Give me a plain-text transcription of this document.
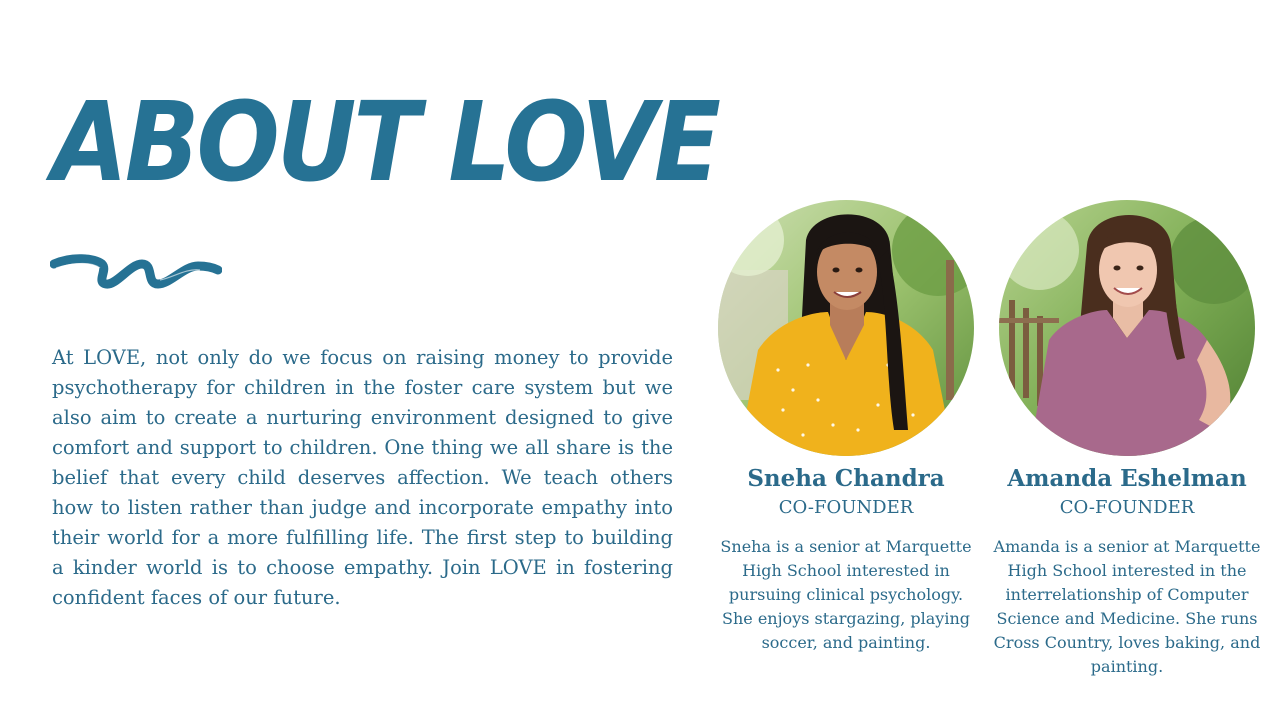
ABOUT LOVE

At LOVE, not only do we focus on raising money to provide psychotherapy for children in the foster care system but we also aim to create a nurturing environment designed to give comfort and support to children. One thing we all share is the belief that every child deserves affection. We teach others how to listen rather than judge and incorporate empathy into their world for a more fulfilling life. The first step to building a kinder world is to choose empathy. Join LOVE in fostering confident faces of our future.

Sneha Chandra
CO-FOUNDER
Sneha is a senior at Marquette High School interested in pursuing clinical psychology. She enjoys stargazing, playing soccer, and painting.
Amanda Eshelman
CO-FOUNDER
Amanda is a senior at Marquette High School interested in the interrelationship of Computer Science and Medicine. She runs Cross Country, loves baking, and painting.
